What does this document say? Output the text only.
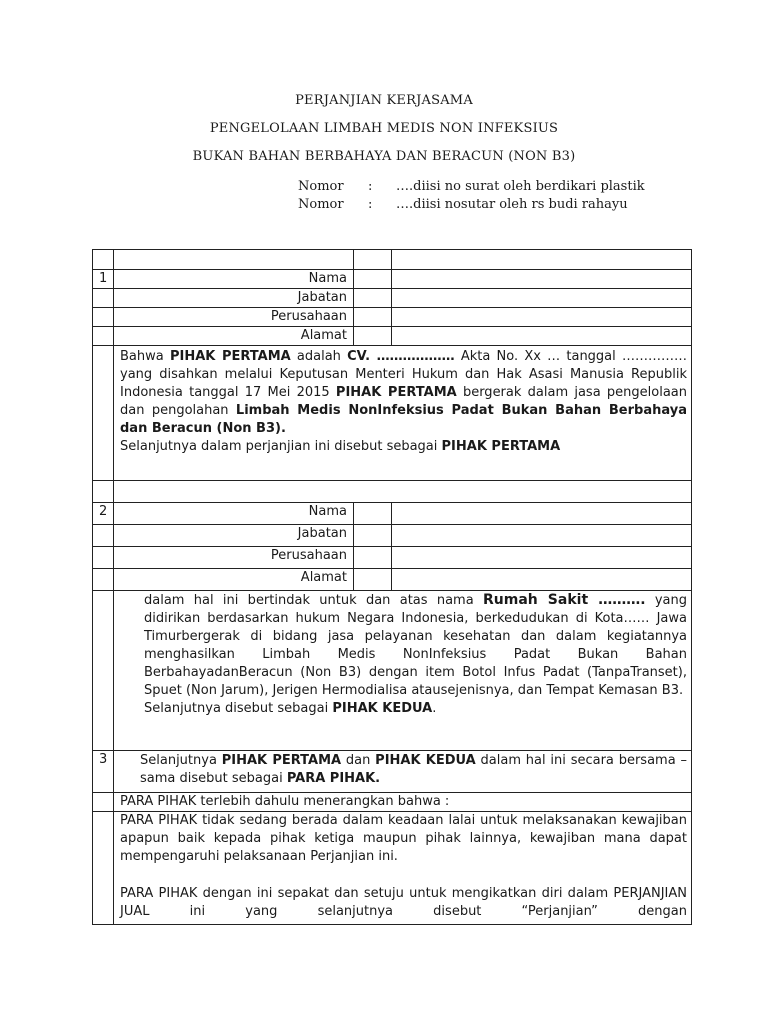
PERJANJIAN KERJASAMA
PENGELOLAAN LIMBAH MEDIS NON INFEKSIUS
BUKAN BAHAN BERBAHAYA DAN BERACUN (NON B3)
Nomor : ….diisi no surat oleh berdikari plastik
Nomor : ….diisi nosutar oleh rs budi rahayu

1	Nama		
	Jabatan		
	Perusahaan		
	Alamat		
	Bahwa PIHAK PERTAMA adalah CV. ……………… Akta No. Xx … tanggal …………… yang disahkan melalui Keputusan Menteri Hukum dan Hak Asasi Manusia Republik Indonesia tanggal 17 Mei 2015 PIHAK PERTAMA bergerak dalam jasa pengelolaan dan pengolahan Limbah Medis NonInfeksius Padat Bukan Bahan Berbahaya dan Beracun (Non B3).
Selanjutnya dalam perjanjian ini disebut sebagai PIHAK PERTAMA		

2	Nama		
	Jabatan		
	Perusahaan		
	Alamat		
	dalam hal ini bertindak untuk dan atas nama Rumah Sakit ………. yang didirikan berdasarkan hukum Negara Indonesia, berkedudukan di Kota…… Jawa Timurbergerak di bidang jasa pelayanan kesehatan dan dalam kegiatannya menghasilkan Limbah Medis NonInfeksius Padat Bukan Bahan BerbahayadanBeracun (Non B3) dengan item Botol Infus Padat (TanpaTranset), Spuet (Non Jarum), Jerigen Hermodialisa atausejenisnya, dan Tempat Kemasan B3.
Selanjutnya disebut sebagai PIHAK KEDUA.		
3	Selanjutnya PIHAK PERTAMA dan PIHAK KEDUA dalam hal ini secara bersama – sama disebut sebagai PARA PIHAK.		
	PARA PIHAK terlebih dahulu menerangkan bahwa :		

	PARA PIHAK tidak sedang berada dalam keadaan lalai untuk melaksanakan kewajiban apapun baik kepada pihak ketiga maupun pihak lainnya, kewajiban mana dapat mempengaruhi pelaksanaan Perjanjian ini.
PARA PIHAK dengan ini sepakat dan setuju untuk mengikatkan diri dalam PERJANJIAN JUAL ini yang selanjutnya disebut “Perjanjian” dengan		
